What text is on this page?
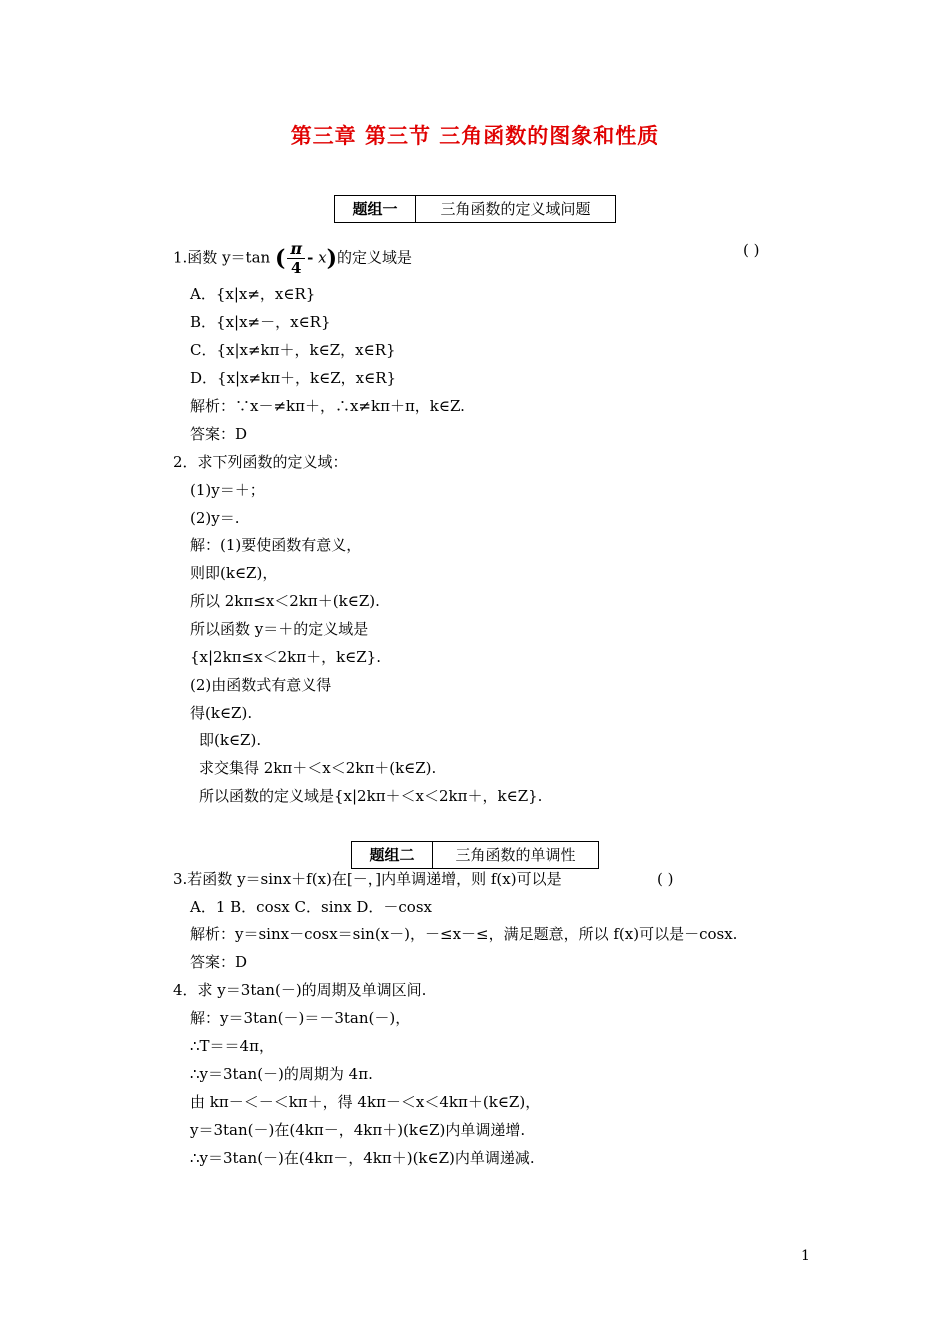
第三章 第三节 三角函数的图象和性质
题组一	三角函数的定义域问题
1.函数 y＝tan ( $\frac{\pi}{4} - x$)的定义域是	( )
A．{x|x≠，x∈R}
B．{x|x≠－，x∈R}
C．{x|x≠kπ＋，k∈Z，x∈R}
D．{x|x≠kπ＋，k∈Z，x∈R}
解析：∵x－≠kπ＋，∴x≠kπ＋π，k∈Z.
答案：D
2．求下列函数的定义域：
(1)y＝＋；
(2)y＝.
解：(1)要使函数有意义，
则即(k∈Z)，
所以 2kπ≤x＜2kπ＋(k∈Z).
所以函数 y＝＋的定义域是
{x|2kπ≤x＜2kπ＋，k∈Z}.
(2)由函数式有意义得
得(k∈Z).
即(k∈Z).
求交集得 2kπ＋＜x＜2kπ＋(k∈Z).
所以函数的定义域是{x|2kπ＋＜x＜2kπ＋，k∈Z}.
题组二	三角函数的单调性
3.若函数 y＝sinx＋f(x)在[－，]内单调递增，则 f(x)可以是	( )
A．1 B．cosx C．sinx D．－cosx
解析：y＝sinx－cosx＝sin(x－)，－≤x－≤，满足题意，所以 f(x)可以是－cosx.
答案：D
4．求 y＝3tan(－)的周期及单调区间.
解：y＝3tan(－)＝－3tan(－)，
∴T＝＝4π，
∴y＝3tan(－)的周期为 4π.
由 kπ－＜－＜kπ＋，得 4kπ－＜x＜4kπ＋(k∈Z)，
y＝3tan(－)在(4kπ－，4kπ＋)(k∈Z)内单调递增.
∴y＝3tan(－)在(4kπ－，4kπ＋)(k∈Z)内单调递减.
1
